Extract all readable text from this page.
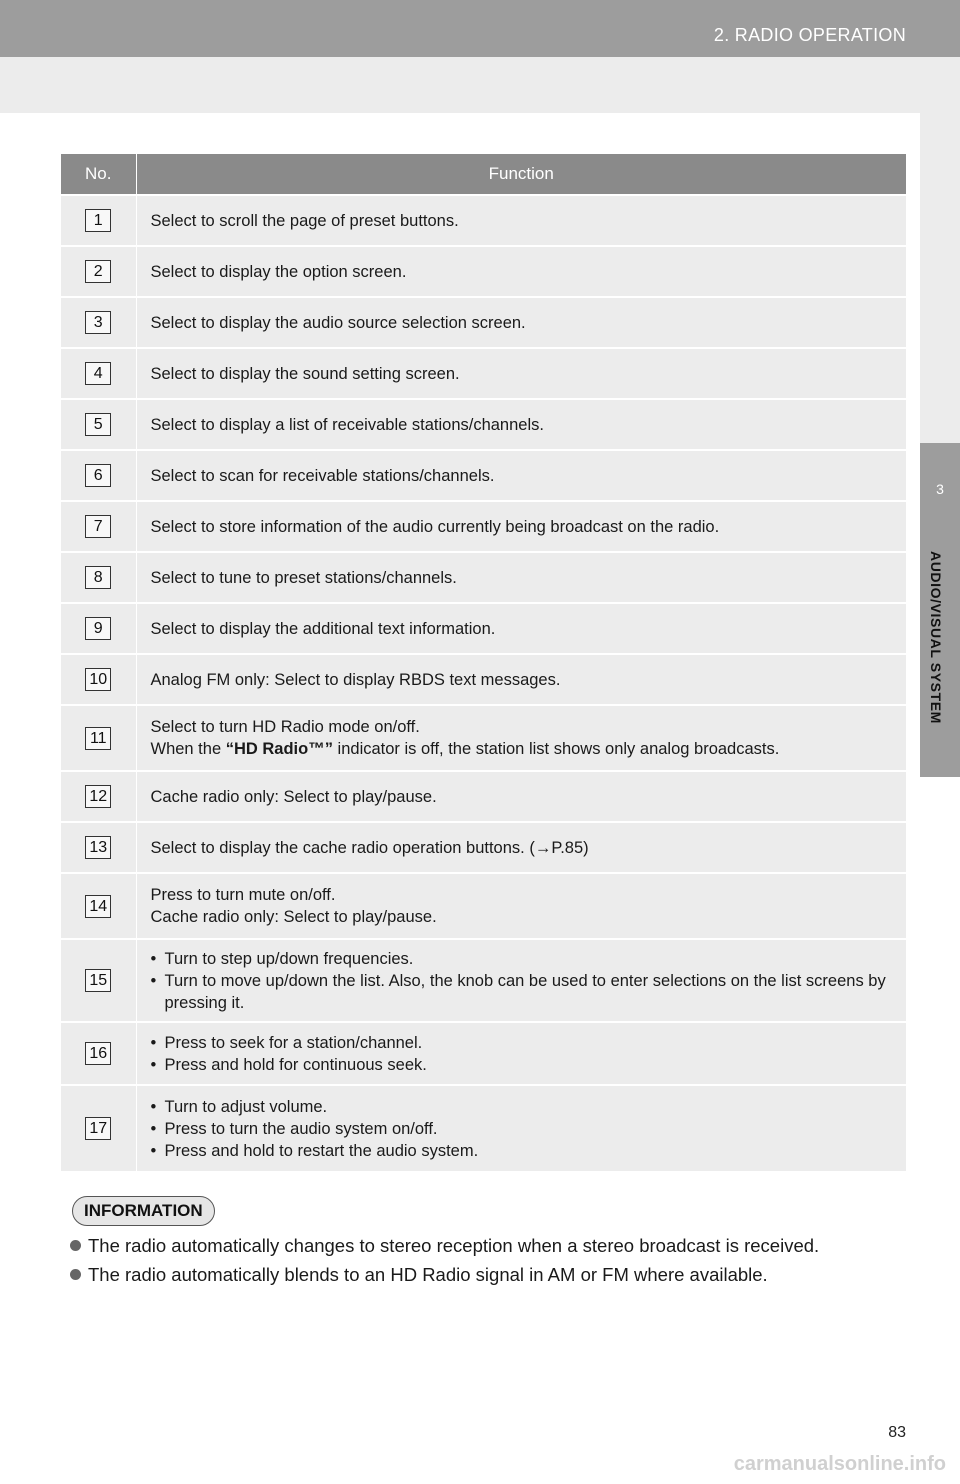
2. RADIO OPERATION
3
AUDIO/VISUAL SYSTEM
No.	Function
1	Select to scroll the page of preset buttons.

2	Select to display the option screen.

3	Select to display the audio source selection screen.

4	Select to display the sound setting screen.

5	Select to display a list of receivable stations/channels.

6	Select to scan for receivable stations/channels.

7	Select to store information of the audio currently being broadcast on the radio.

8	Select to tune to preset stations/channels.

9	Select to display the additional text information.

10	Analog FM only: Select to display RBDS text messages.

11	Select to turn HD Radio mode on/off.
When the “HD Radio™” indicator is off, the station list shows only analog broadcasts.

12	Cache radio only: Select to play/pause.

13	Select to display the cache radio operation buttons. (→P.85)

14	Press to turn mute on/off.
Cache radio only: Select to play/pause.

15	• Turn to step up/down frequencies.
• Turn to move up/down the list. Also, the knob can be used to enter selections on the list screens by pressing it.

16	• Press to seek for a station/channel.
• Press and hold for continuous seek.

17	• Turn to adjust volume.
• Press to turn the audio system on/off.
• Press and hold to restart the audio system.
INFORMATION
The radio automatically changes to stereo reception when a stereo broadcast is received.
The radio automatically blends to an HD Radio signal in AM or FM where available.
83
carmanualsonline.info
